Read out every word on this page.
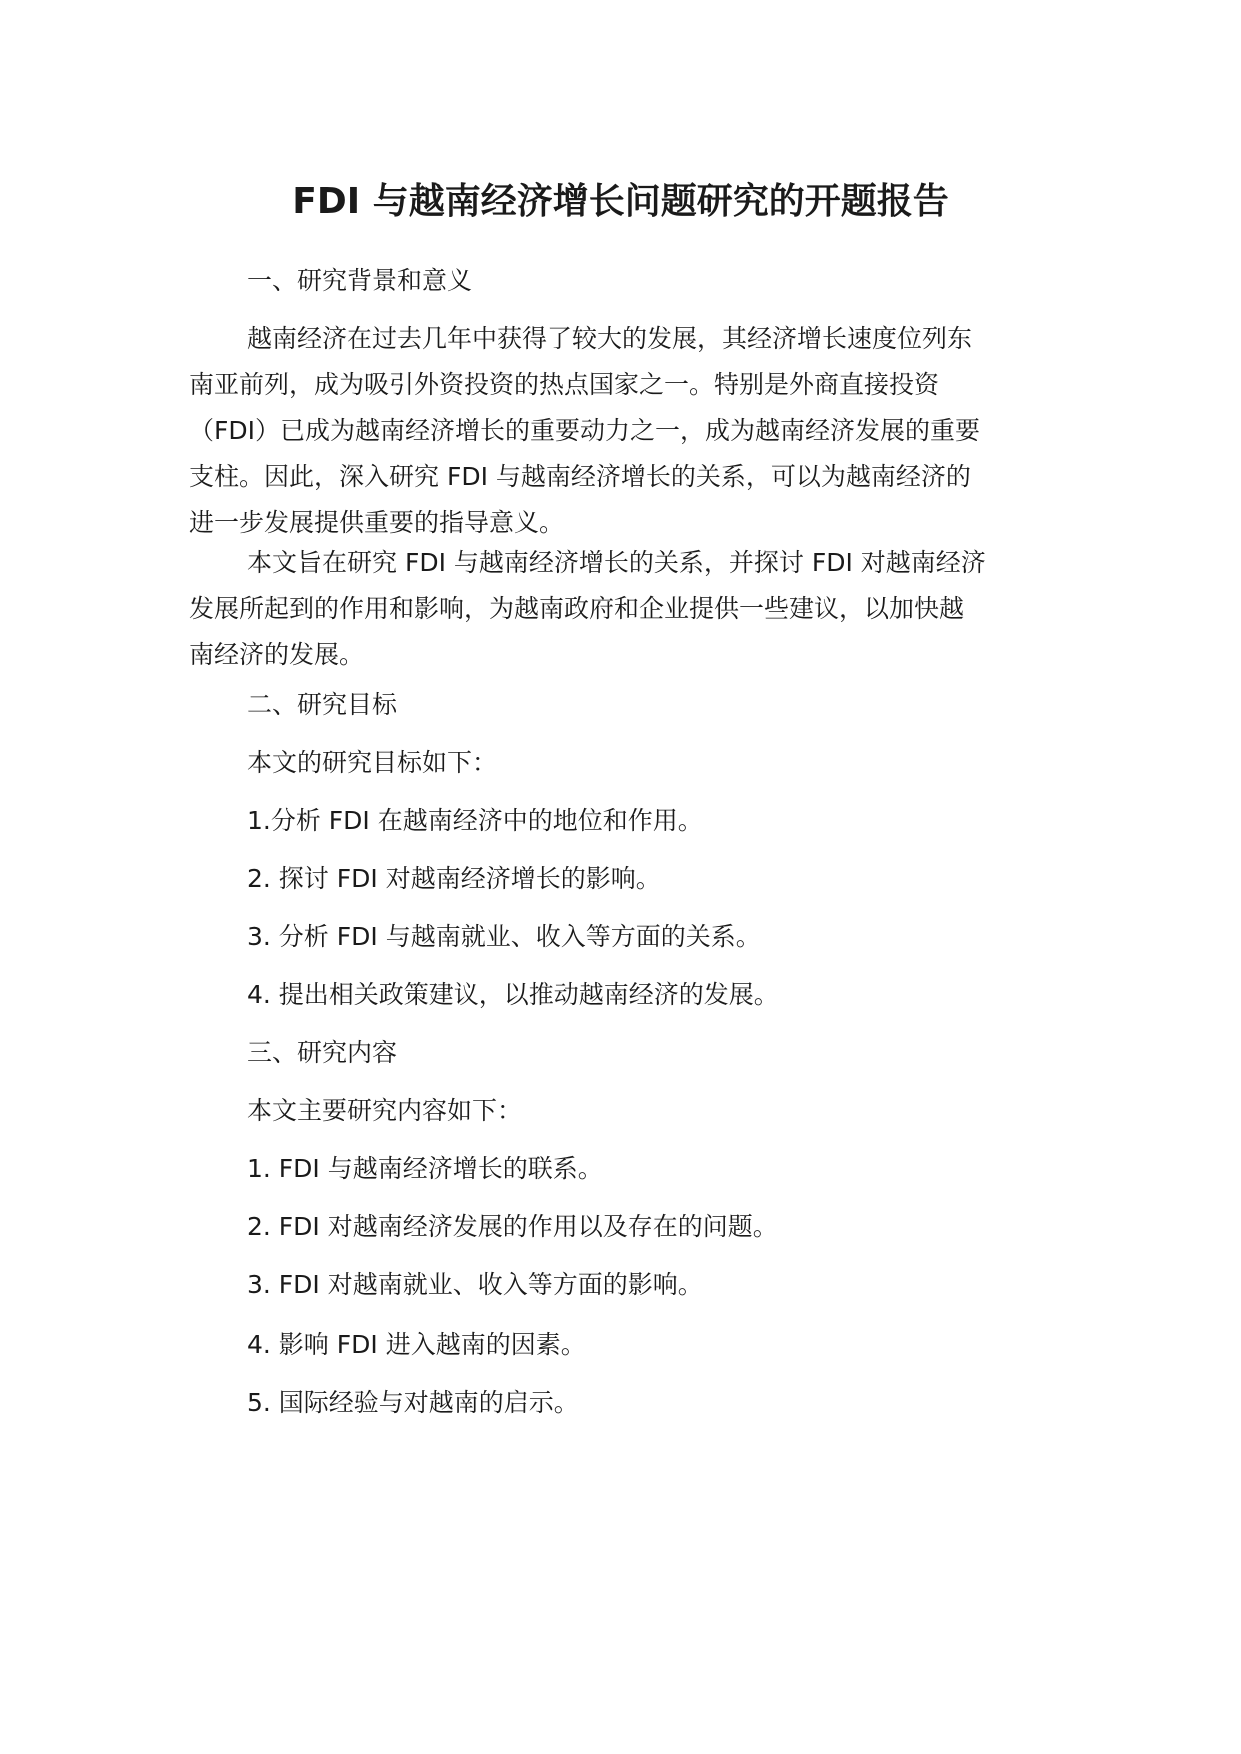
FDI 与越南经济增长问题研究的开题报告
一、研究背景和意义
越南经济在过去几年中获得了较大的发展，其经济增长速度位列东
南亚前列，成为吸引外资投资的热点国家之一。特别是外商直接投资
（FDI）已成为越南经济增长的重要动力之一，成为越南经济发展的重要
支柱。因此，深入研究 FDI 与越南经济增长的关系，可以为越南经济的
进一步发展提供重要的指导意义。
本文旨在研究 FDI 与越南经济增长的关系，并探讨 FDI 对越南经济
发展所起到的作用和影响，为越南政府和企业提供一些建议，以加快越
南经济的发展。
二、研究目标
本文的研究目标如下：
1.分析 FDI 在越南经济中的地位和作用。
2. 探讨 FDI 对越南经济增长的影响。
3. 分析 FDI 与越南就业、收入等方面的关系。
4. 提出相关政策建议，以推动越南经济的发展。
三、研究内容
本文主要研究内容如下：
1. FDI 与越南经济增长的联系。
2. FDI 对越南经济发展的作用以及存在的问题。
3. FDI 对越南就业、收入等方面的影响。
4. 影响 FDI 进入越南的因素。
5. 国际经验与对越南的启示。
